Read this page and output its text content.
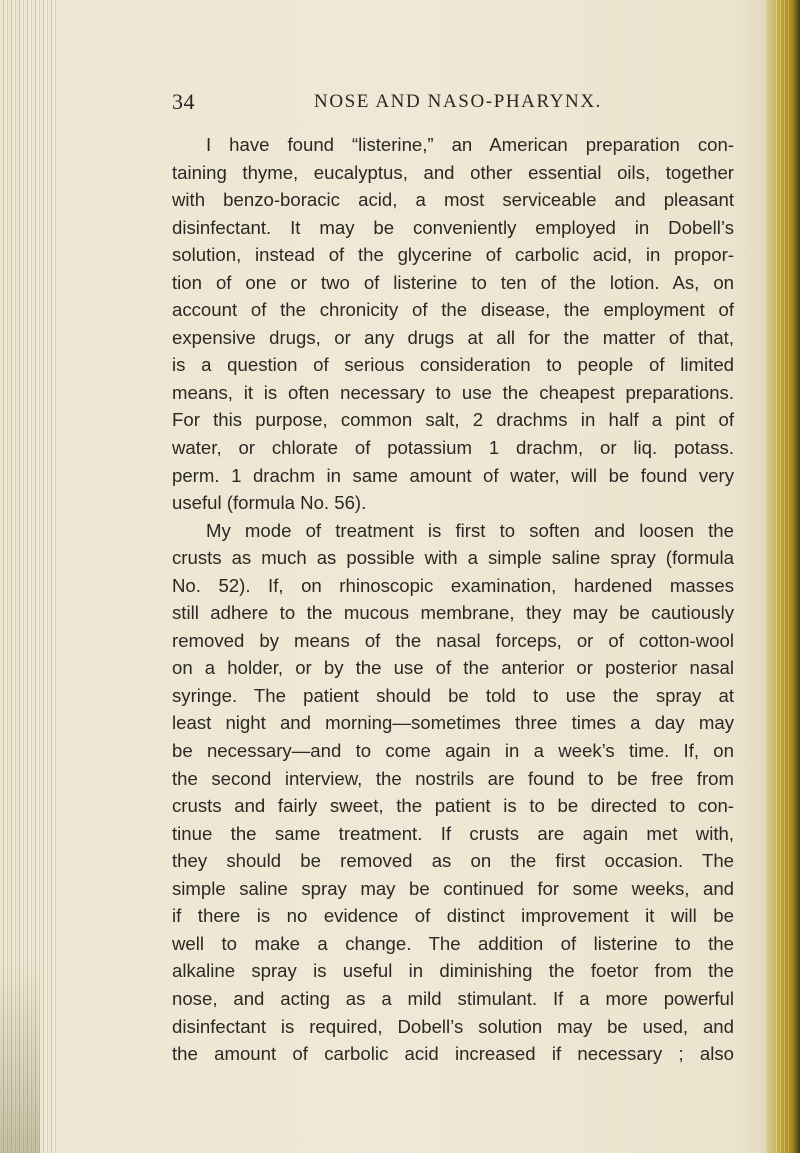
34	NOSE AND NASO-PHARYNX.
I have found “listerine,” an American preparation con-
taining thyme, eucalyptus, and other essential oils, together
with benzo-boracic acid, a most serviceable and pleasant
disinfectant. It may be conveniently employed in Dobell’s
solution, instead of the glycerine of carbolic acid, in propor-
tion of one or two of listerine to ten of the lotion. As, on
account of the chronicity of the disease, the employment of
expensive drugs, or any drugs at all for the matter of that,
is a question of serious consideration to people of limited
means, it is often necessary to use the cheapest preparations.
For this purpose, common salt, 2 drachms in half a pint of
water, or chlorate of potassium 1 drachm, or liq. potass.
perm. 1 drachm in same amount of water, will be found very
useful (formula No. 56).
My mode of treatment is first to soften and loosen the
crusts as much as possible with a simple saline spray (formula
No. 52). If, on rhinoscopic examination, hardened masses
still adhere to the mucous membrane, they may be cautiously
removed by means of the nasal forceps, or of cotton-wool
on a holder, or by the use of the anterior or posterior nasal
syringe. The patient should be told to use the spray at
least night and morning—sometimes three times a day may
be necessary—and to come again in a week’s time. If, on
the second interview, the nostrils are found to be free from
crusts and fairly sweet, the patient is to be directed to con-
tinue the same treatment. If crusts are again met with,
they should be removed as on the first occasion. The
simple saline spray may be continued for some weeks, and
if there is no evidence of distinct improvement it will be
well to make a change. The addition of listerine to the
alkaline spray is useful in diminishing the foetor from the
nose, and acting as a mild stimulant. If a more powerful
disinfectant is required, Dobell’s solution may be used, and
the amount of carbolic acid increased if necessary ; also
